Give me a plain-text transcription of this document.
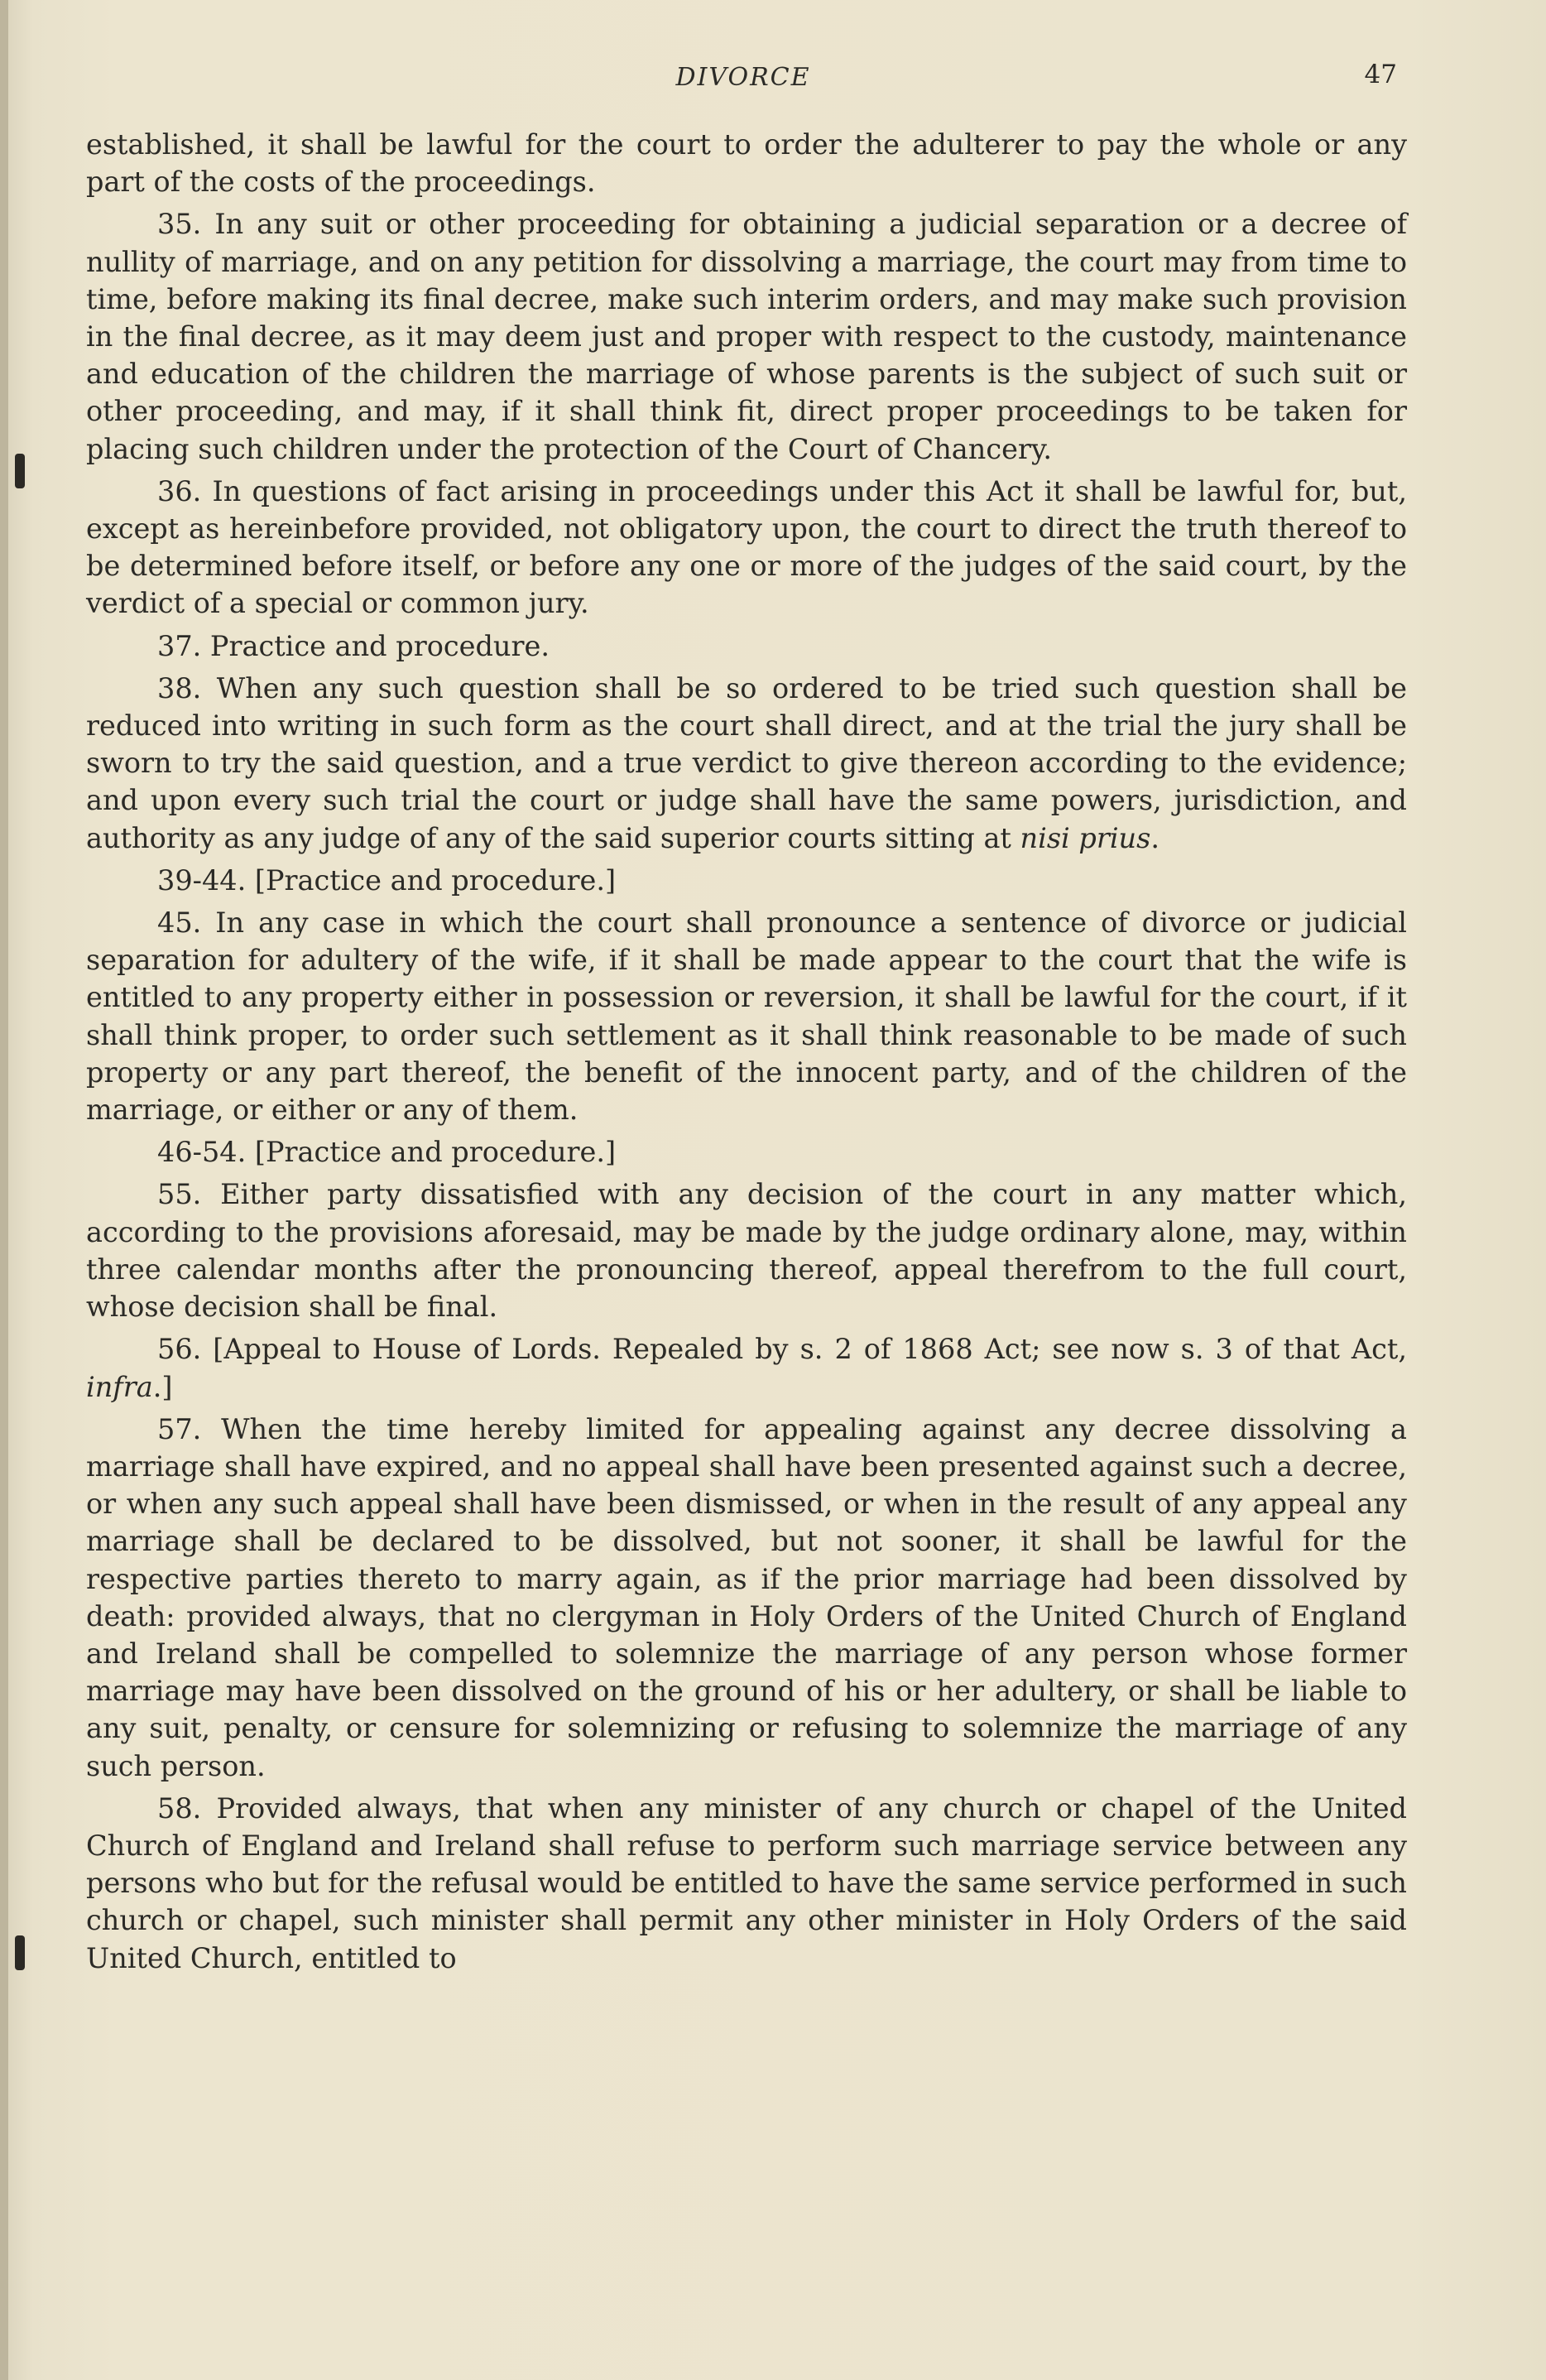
DIVORCE	47

established, it shall be lawful for the court to order the adulterer to pay the whole or any part of the costs of the proceedings.

35. In any suit or other proceeding for obtaining a judicial separation or a decree of nullity of marriage, and on any petition for dissolving a marriage, the court may from time to time, before making its final decree, make such interim orders, and may make such provision in the final decree, as it may deem just and proper with respect to the custody, maintenance and education of the children the marriage of whose parents is the subject of such suit or other proceeding, and may, if it shall think fit, direct proper proceedings to be taken for placing such children under the protection of the Court of Chancery.

36. In questions of fact arising in proceedings under this Act it shall be lawful for, but, except as hereinbefore provided, not obligatory upon, the court to direct the truth thereof to be determined before itself, or before any one or more of the judges of the said court, by the verdict of a special or common jury.

37. Practice and procedure.

38. When any such question shall be so ordered to be tried such question shall be reduced into writing in such form as the court shall direct, and at the trial the jury shall be sworn to try the said question, and a true verdict to give thereon according to the evidence; and upon every such trial the court or judge shall have the same powers, jurisdiction, and authority as any judge of any of the said superior courts sitting at nisi prius.

39-44. [Practice and procedure.]

45. In any case in which the court shall pronounce a sentence of divorce or judicial separation for adultery of the wife, if it shall be made appear to the court that the wife is entitled to any property either in possession or reversion, it shall be lawful for the court, if it shall think proper, to order such settlement as it shall think reasonable to be made of such property or any part thereof, the benefit of the innocent party, and of the children of the marriage, or either or any of them.

46-54. [Practice and procedure.]

55. Either party dissatisfied with any decision of the court in any matter which, according to the provisions aforesaid, may be made by the judge ordinary alone, may, within three calendar months after the pronouncing thereof, appeal therefrom to the full court, whose decision shall be final.

56. [Appeal to House of Lords. Repealed by s. 2 of 1868 Act; see now s. 3 of that Act, infra.]

57. When the time hereby limited for appealing against any decree dissolving a marriage shall have expired, and no appeal shall have been presented against such a decree, or when any such appeal shall have been dismissed, or when in the result of any appeal any marriage shall be declared to be dissolved, but not sooner, it shall be lawful for the respective parties thereto to marry again, as if the prior marriage had been dissolved by death: provided always, that no clergyman in Holy Orders of the United Church of England and Ireland shall be compelled to solemnize the marriage of any person whose former marriage may have been dissolved on the ground of his or her adultery, or shall be liable to any suit, penalty, or censure for solemnizing or refusing to solemnize the marriage of any such person.

58. Provided always, that when any minister of any church or chapel of the United Church of England and Ireland shall refuse to perform such marriage service between any persons who but for the refusal would be entitled to have the same service performed in such church or chapel, such minister shall permit any other minister in Holy Orders of the said United Church, entitled to
